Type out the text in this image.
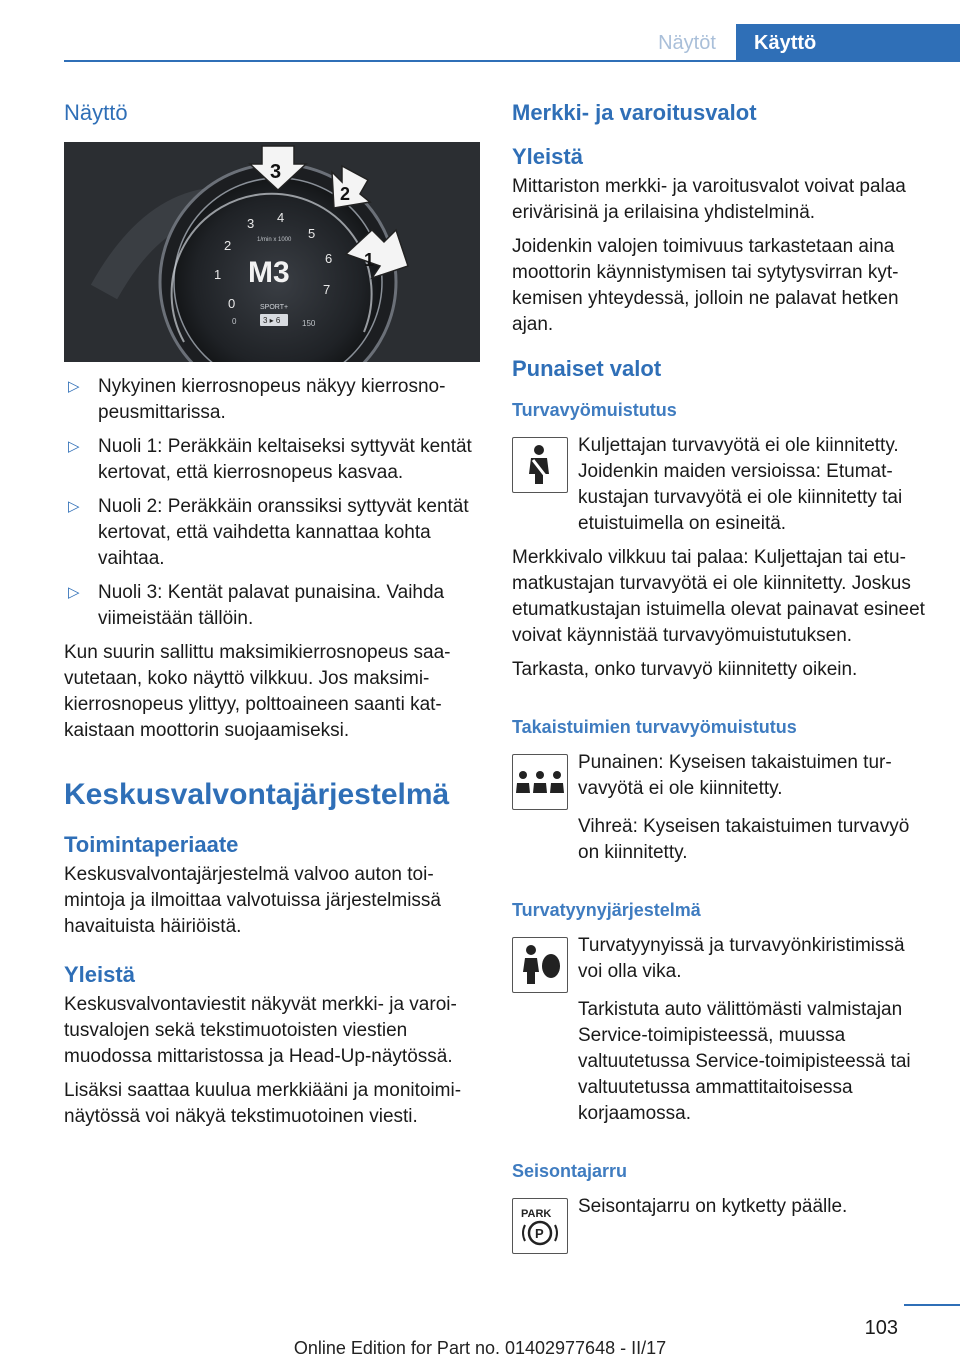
Näytöt	Käyttö
Näyttö
0
1
2
3 4
5
6
7
1/min x 1000
M3
SPORT+
3 ▸ 6
0	150
3
2
1
▷ Nykyinen kierrosnopeus näkyy kierrosnopeusmittarissa.
▷ Nuoli 1: Peräkkäin keltaiseksi syttyvät kentät kertovat, että kierrosnopeus kasvaa.
▷ Nuoli 2: Peräkkäin oranssiksi syttyvät kentät kertovat, että vaihdetta kannattaa kohta vaihtaa.
▷ Nuoli 3: Kentät palavat punaisina. Vaihda viimeistään tällöin.

Kun suurin sallittu maksimikierrosnopeus saavutetaan, koko näyttö vilkkuu. Jos maksimikierrosnopeus ylittyy, polttoaineen saanti katkaistaan moottorin suojaamiseksi.

Keskusvalvontajärjestelmä
Toimintaperiaate

Keskusvalvontajärjestelmä valvoo auton toimintoja ja ilmoittaa valvotuissa järjestelmissä havaituista häiriöistä.

Yleistä

Keskusvalvontaviestit näkyvät merkki- ja varoitusvalojen sekä tekstimuotoisten viestien muodossa mittaristossa ja Head-Up-näytössä.

Lisäksi saattaa kuulua merkkiääni ja monitoiminäytössä voi näkyä tekstimuotoinen viesti.

Merkki- ja varoitusvalot
Yleistä

Mittariston merkki- ja varoitusvalot voivat palaa erivärisinä ja erilaisina yhdistelminä.

Joidenkin valojen toimivuus tarkastetaan aina moottorin käynnistymisen tai sytytysvirran kytkemisen yhteydessä, jolloin ne palavat hetken ajan.

Punaiset valot
Turvavyömuistutus

Kuljettajan turvavyötä ei ole kiinnitetty. Joidenkin maiden versioissa: Etumatkustajan turvavyötä ei ole kiinnitetty tai etuistuimella on esineitä.

Merkkivalo vilkkuu tai palaa: Kuljettajan tai etumatkustajan turvavyötä ei ole kiinnitetty. Joskus etumatkustajan istuimella olevat painavat esineet voivat käynnistää turvavyömuistutuksen.

Tarkasta, onko turvavyö kiinnitetty oikein.

Takaistuimien turvavyömuistutus

Punainen: Kyseisen takaistuimen turvavyötä ei ole kiinnitetty.

Vihreä: Kyseisen takaistuimen turvavyö on kiinnitetty.

Turvatyynyjärjestelmä

Turvatyynyissä ja turvavyönkiristimissä voi olla vika.

Tarkistuta auto välittömästi valmistajan Service-toimipisteessä, muussa valtuutetussa Service-toimipisteessä tai valtuutetussa ammattitaitoisessa korjaamossa.

Seisontajarru
PARK
P

Seisontajarru on kytketty päälle.

103
Online Edition for Part no. 01402977648 - II/17
